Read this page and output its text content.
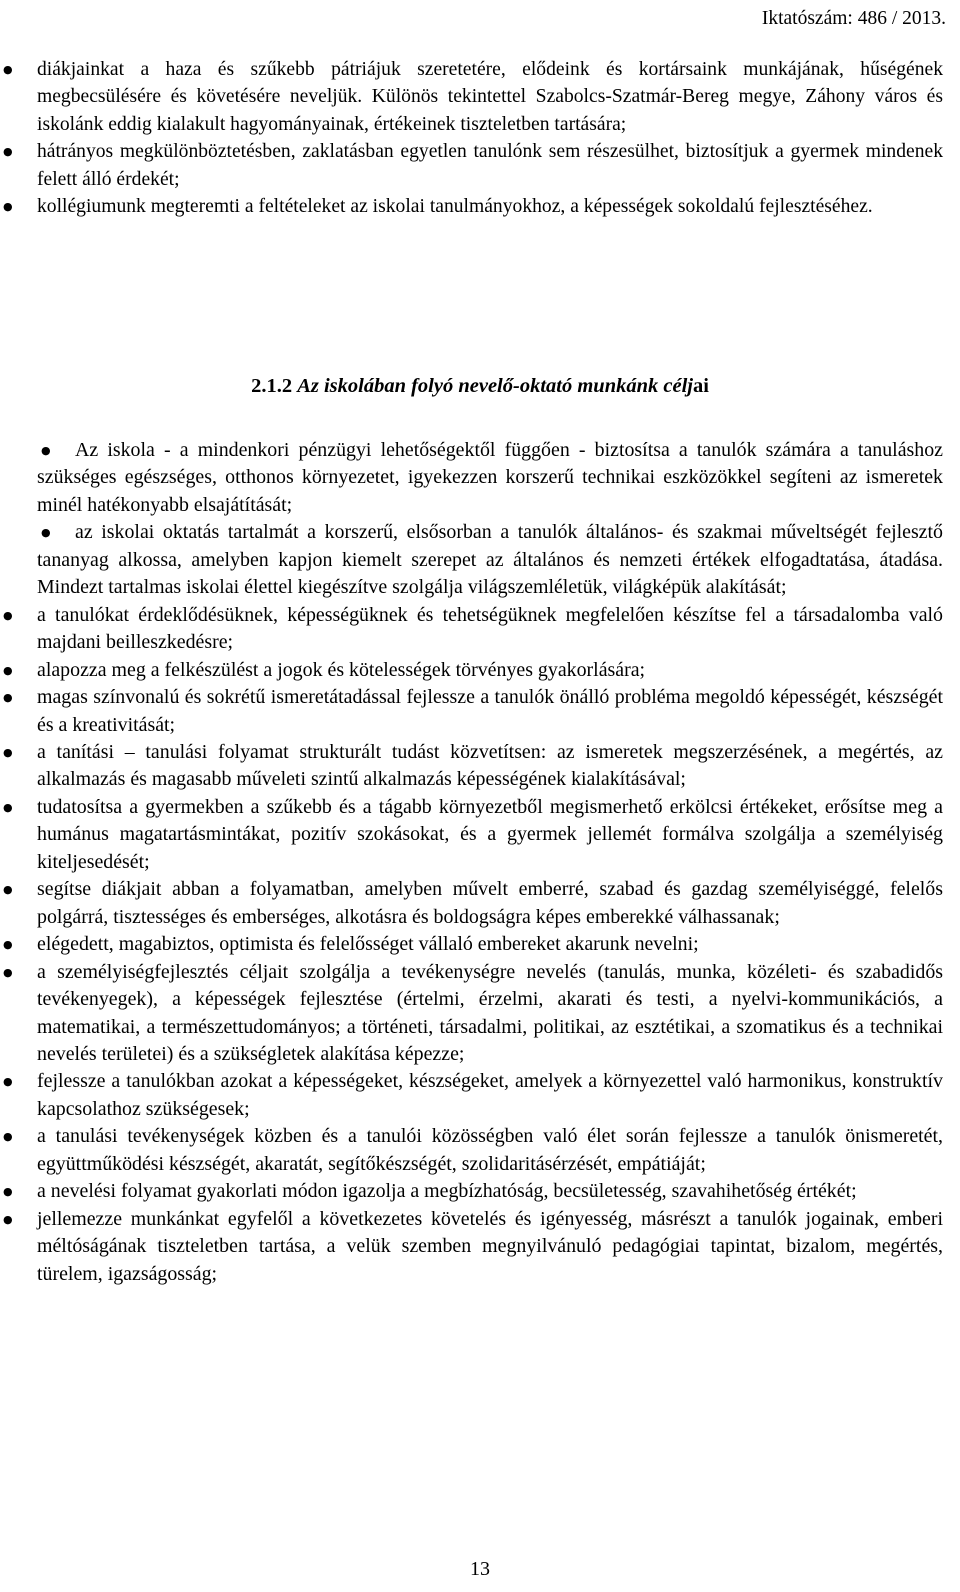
Iktatószám: 486 / 2013.
● diákjainkat a haza és szűkebb pátriájuk szeretetére, elődeink és kortársaink munkájának, hűségének megbecsülésére és követésére neveljük. Különös tekintettel Szabolcs-Szatmár-Bereg megye, Záhony város és iskolánk eddig kialakult hagyományainak, értékeinek tiszteletben tartására;
● hátrányos megkülönböztetésben, zaklatásban egyetlen tanulónk sem részesülhet, biztosítjuk a gyermek mindenek felett álló érdekét;
● kollégiumunk megteremti a feltételeket az iskolai tanulmányokhoz, a képességek sokoldalú fejlesztéséhez.
2.1.2 Az iskolában folyó nevelő-oktató munkánk céljai
● Az iskola - a mindenkori pénzügyi lehetőségektől függően - biztosítsa a tanulók számára a tanuláshoz szükséges egészséges, otthonos környezetet, igyekezzen korszerű technikai eszközökkel segíteni az ismeretek minél hatékonyabb elsajátítását;
● az iskolai oktatás tartalmát a korszerű, elsősorban a tanulók általános- és szakmai műveltségét fejlesztő tananyag alkossa, amelyben kapjon kiemelt szerepet az általános és nemzeti értékek elfogadtatása, átadása. Mindezt tartalmas iskolai élettel kiegészítve szolgálja világszemléletük, világképük alakítását;
● a tanulókat érdeklődésüknek, képességüknek és tehetségüknek megfelelően készítse fel a társadalomba való majdani beilleszkedésre;
● alapozza meg a felkészülést a jogok és kötelességek törvényes gyakorlására;
● magas színvonalú és sokrétű ismeretátadással fejlessze a tanulók önálló probléma megoldó képességét, készségét és a kreativitását;
● a tanítási – tanulási folyamat strukturált tudást közvetítsen: az ismeretek megszerzésének, a megértés, az alkalmazás és magasabb műveleti szintű alkalmazás képességének kialakításával;
● tudatosítsa a gyermekben a szűkebb és a tágabb környezetből megismerhető erkölcsi értékeket, erősítse meg a humánus magatartásmintákat, pozitív szokásokat, és a gyermek jellemét formálva szolgálja a személyiség kiteljesedését;
● segítse diákjait abban a folyamatban, amelyben művelt emberré, szabad és gazdag személyiséggé, felelős polgárrá, tisztességes és emberséges, alkotásra és boldogságra képes emberekké válhassanak;
● elégedett, magabiztos, optimista és felelősséget vállaló embereket akarunk nevelni;
● a személyiségfejlesztés céljait szolgálja a tevékenységre nevelés (tanulás, munka, közéleti- és szabadidős tevékenyegek), a képességek fejlesztése (értelmi, érzelmi, akarati és testi, a nyelvi-kommunikációs, a matematikai, a természettudományos; a történeti, társadalmi, politikai, az esztétikai, a szomatikus és a technikai nevelés területei) és a szükségletek alakítása képezze;
● fejlessze a tanulókban azokat a képességeket, készségeket, amelyek a környezettel való harmonikus, konstruktív kapcsolathoz szükségesek;
● a tanulási tevékenységek közben és a tanulói közösségben való élet során fejlessze a tanulók önismeretét, együttműködési készségét, akaratát, segítőkészségét, szolidaritásérzését, empátiáját;
● a nevelési folyamat gyakorlati módon igazolja a megbízhatóság, becsületesség, szavahihetőség értékét;
● jellemezze munkánkat egyfelől a következetes követelés és igényesség, másrészt a tanulók jogainak, emberi méltóságának tiszteletben tartása, a velük szemben megnyilvánuló pedagógiai tapintat, bizalom, megértés, türelem, igazságosság;
13
